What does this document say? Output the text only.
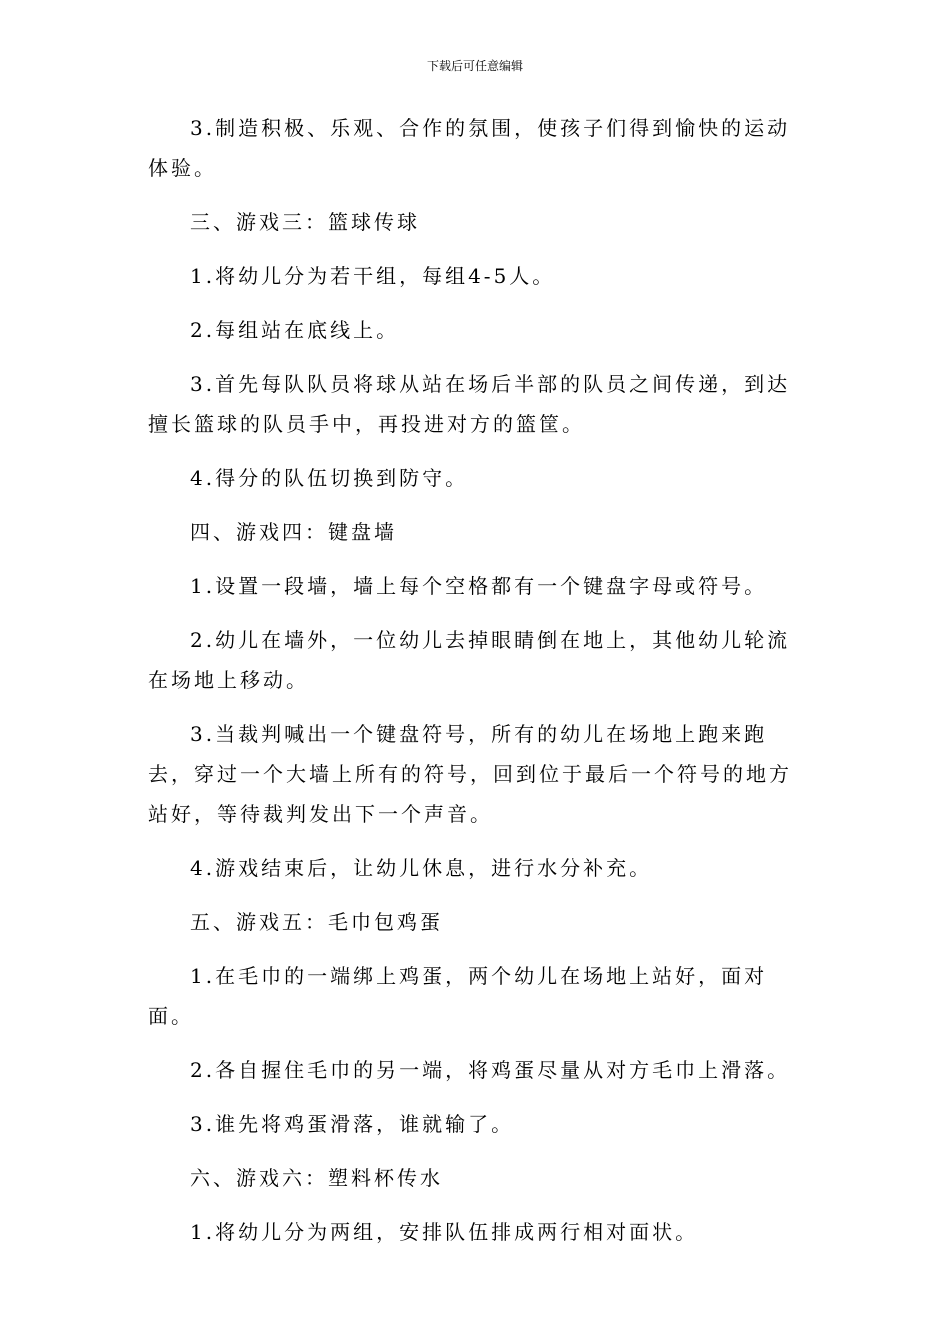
下载后可任意编辑

3.制造积极、乐观、合作的氛围，使孩子们得到愉快的运动体验。

三、游戏三：篮球传球

1.将幼儿分为若干组，每组4-5人。

2.每组站在底线上。

3.首先每队队员将球从站在场后半部的队员之间传递，到达擅长篮球的队员手中，再投进对方的篮筐。

4.得分的队伍切换到防守。

四、游戏四：键盘墙

1.设置一段墙，墙上每个空格都有一个键盘字母或符号。

2.幼儿在墙外，一位幼儿去掉眼睛倒在地上，其他幼儿轮流在场地上移动。

3.当裁判喊出一个键盘符号，所有的幼儿在场地上跑来跑去，穿过一个大墙上所有的符号，回到位于最后一个符号的地方站好，等待裁判发出下一个声音。

4.游戏结束后，让幼儿休息，进行水分补充。

五、游戏五：毛巾包鸡蛋

1.在毛巾的一端绑上鸡蛋，两个幼儿在场地上站好，面对面。

2.各自握住毛巾的另一端，将鸡蛋尽量从对方毛巾上滑落。

3.谁先将鸡蛋滑落，谁就输了。

六、游戏六：塑料杯传水

1.将幼儿分为两组，安排队伍排成两行相对面状。
